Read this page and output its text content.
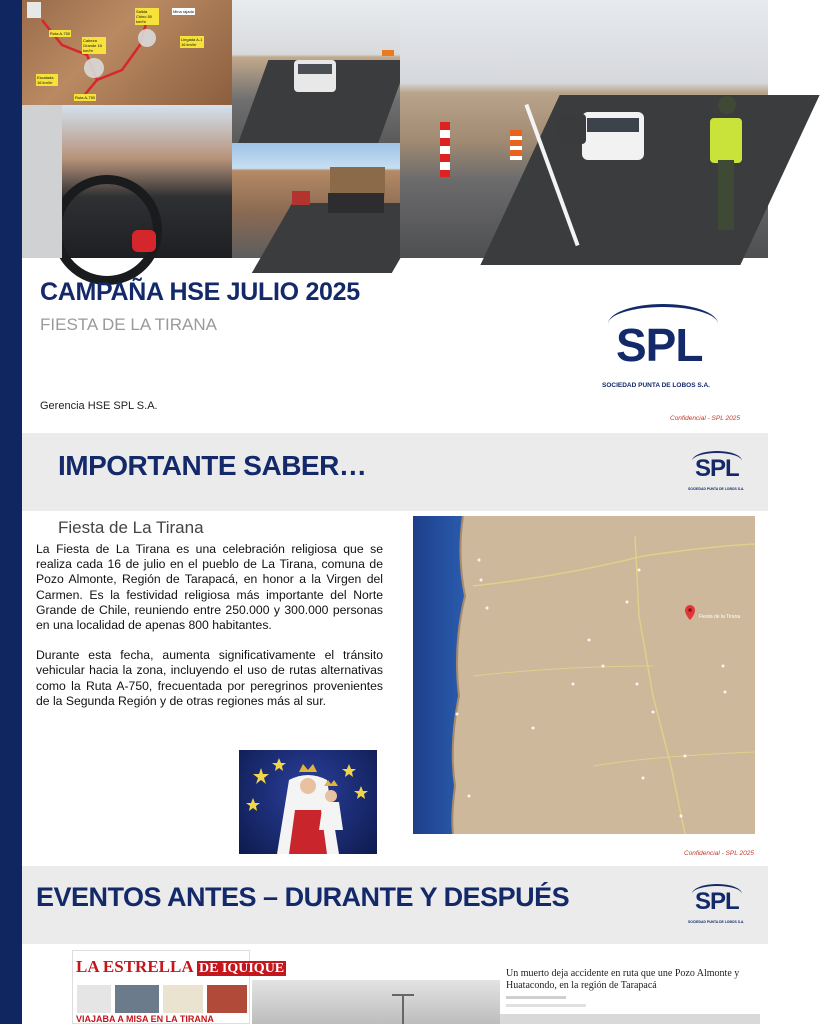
Ruta A-750
Cabeza Grande 18 km/hr
Salida Chino 50 km/hr
Mina rajada
Llegada A-1 16 km/hr
Escalada 16 km/hr
Ruta A-750
CAMPAÑA HSE JULIO 2025
FIESTA DE LA TIRANA
Gerencia HSE SPL S.A.
SPL
SOCIEDAD PUNTA DE LOBOS S.A.
Confidencial - SPL 2025
IMPORTANTE SABER…	SPL
SOCIEDAD PUNTA DE LOBOS S.A.
Fiesta de La Tirana

La Fiesta de La Tirana es una celebración religiosa que se realiza cada 16 de julio en el pueblo de La Tirana, comuna de Pozo Almonte, Región de Tarapacá, en honor a la Virgen del Carmen. Es la festividad religiosa más importante del Norte Grande de Chile, reuniendo entre 250.000 y 300.000 personas en una localidad de apenas 800 habitantes.

Durante esta fecha, aumenta significativamente el tránsito vehicular hacia la zona, incluyendo el uso de rutas alternativas como la Ruta A-750, frecuentada por peregrinos provenientes de la Segunda Región y de otras regiones más al sur.

Fiesta de la Tirana
Confidencial - SPL 2025
EVENTOS ANTES – DURANTE Y DESPUÉS	SPL
SOCIEDAD PUNTA DE LOBOS S.A.
LA ESTRELLA DE IQUIQUE
VIAJABA A MISA EN LA TIRANA
Un muerto deja accidente en ruta que une Pozo Almonte y Huatacondo, en la región de Tarapacá
